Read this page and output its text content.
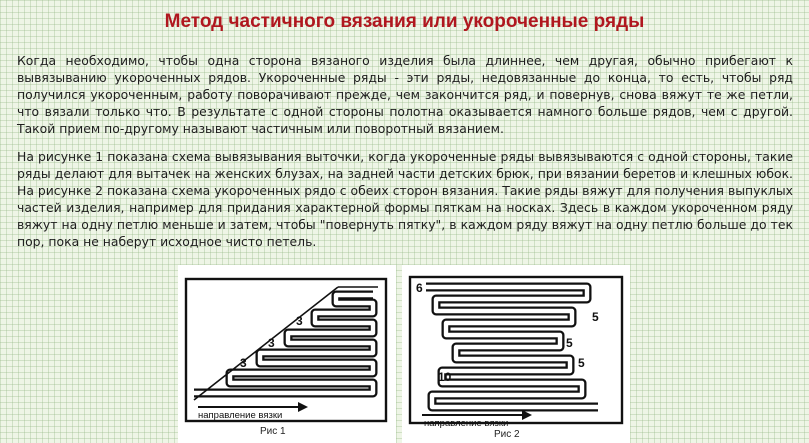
Метод частичного вязания или укороченные ряды

Когда необходимо, чтобы одна сторона вязаного изделия была длиннее, чем другая, обычно прибегают к вывязыванию укороченных рядов. Укороченные ряды - эти ряды, недовязанные до конца, то есть, чтобы ряд получился укороченным, работу поворачивают прежде, чем закончится ряд, и повернув, снова вяжут те же петли, что вязали только что. В результате с одной стороны полотна оказывается намного больше рядов, чем с другой. Такой прием по-другому называют частичным или поворотный вязанием.

На рисунке 1 показана схема вывязывания выточки, когда укороченные ряды вывязываются с одной стороны, такие ряды делают для вытачек на женских блузах, на задней части детских брюк, при вязании беретов и клешных юбок. На рисунке 2 показана схема укороченных рядо с обеих сторон вязания. Такие ряды вяжут для получения выпуклых частей изделия, например для придания характерной формы пяткам на носках. Здесь в каждом укороченном ряду вяжут на одну петлю меньше и затем, чтобы "повернуть пятку", в каждом ряду вяжут на одну петлю больше до тек пор, пока не наберут исходное чисто петель.

3
3
3
направление вязки
Рис 1
6
5
5
5
10
направление вязки
Рис 2
